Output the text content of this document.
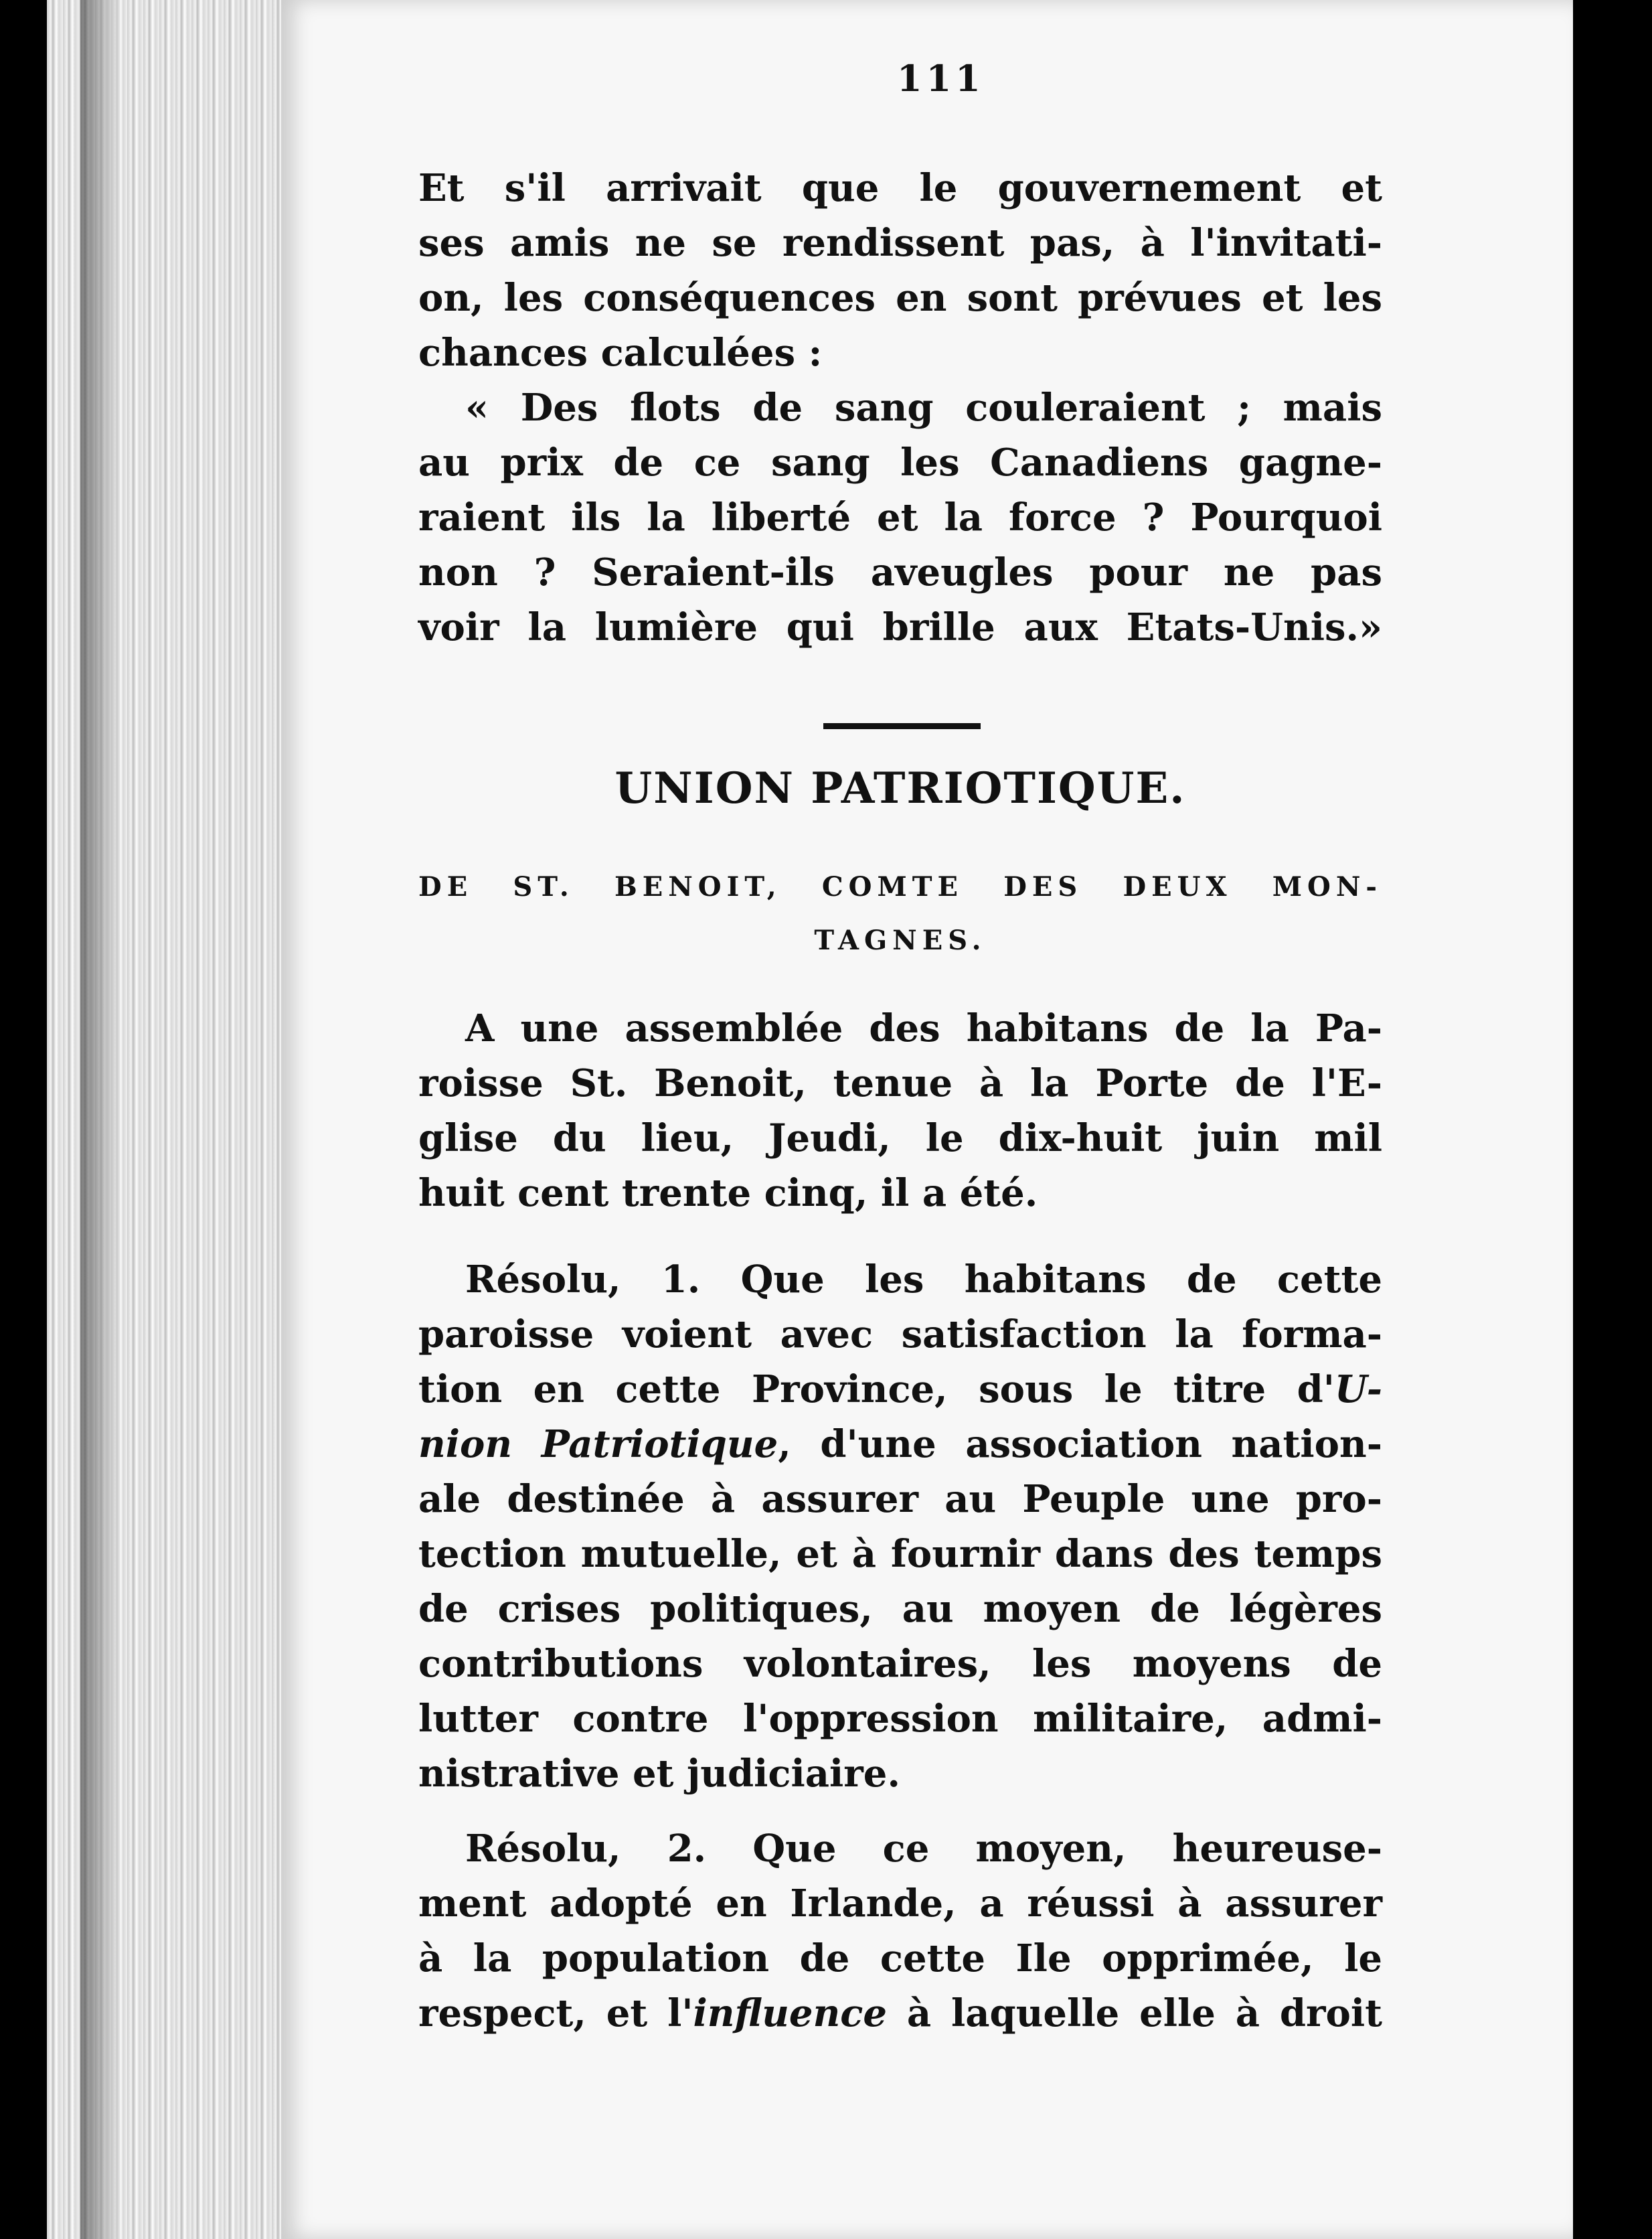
111
Et s'il arrivait que le gouvernement et
ses amis ne se rendissent pas, à l'invitati-
on, les conséquences en sont prévues et les
chances calculées :
« Des flots de sang couleraient ; mais
au prix de ce sang les Canadiens gagne-
raient ils la liberté et la force ? Pourquoi
non ? Seraient-ils aveugles pour ne pas
voir la lumière qui brille aux Etats-Unis.»
UNION PATRIOTIQUE.
DE ST. BENOIT, COMTE DES DEUX MON-
TAGNES.
A une assemblée des habitans de la Pa-
roisse St. Benoit, tenue à la Porte de l'E-
glise du lieu, Jeudi, le dix-huit juin mil
huit cent trente cinq, il a été.
Résolu, 1. Que les habitans de cette
paroisse voient avec satisfaction la forma-
tion en cette Province, sous le titre d'U-
nion Patriotique, d'une association nation-
ale destinée à assurer au Peuple une pro-
tection mutuelle, et à fournir dans des temps
de crises politiques, au moyen de légères
contributions volontaires, les moyens de
lutter contre l'oppression militaire, admi-
nistrative et judiciaire.
Résolu, 2. Que ce moyen, heureuse-
ment adopté en Irlande, a réussi à assurer
à la population de cette Ile opprimée, le
respect, et l'influence à laquelle elle à droit
